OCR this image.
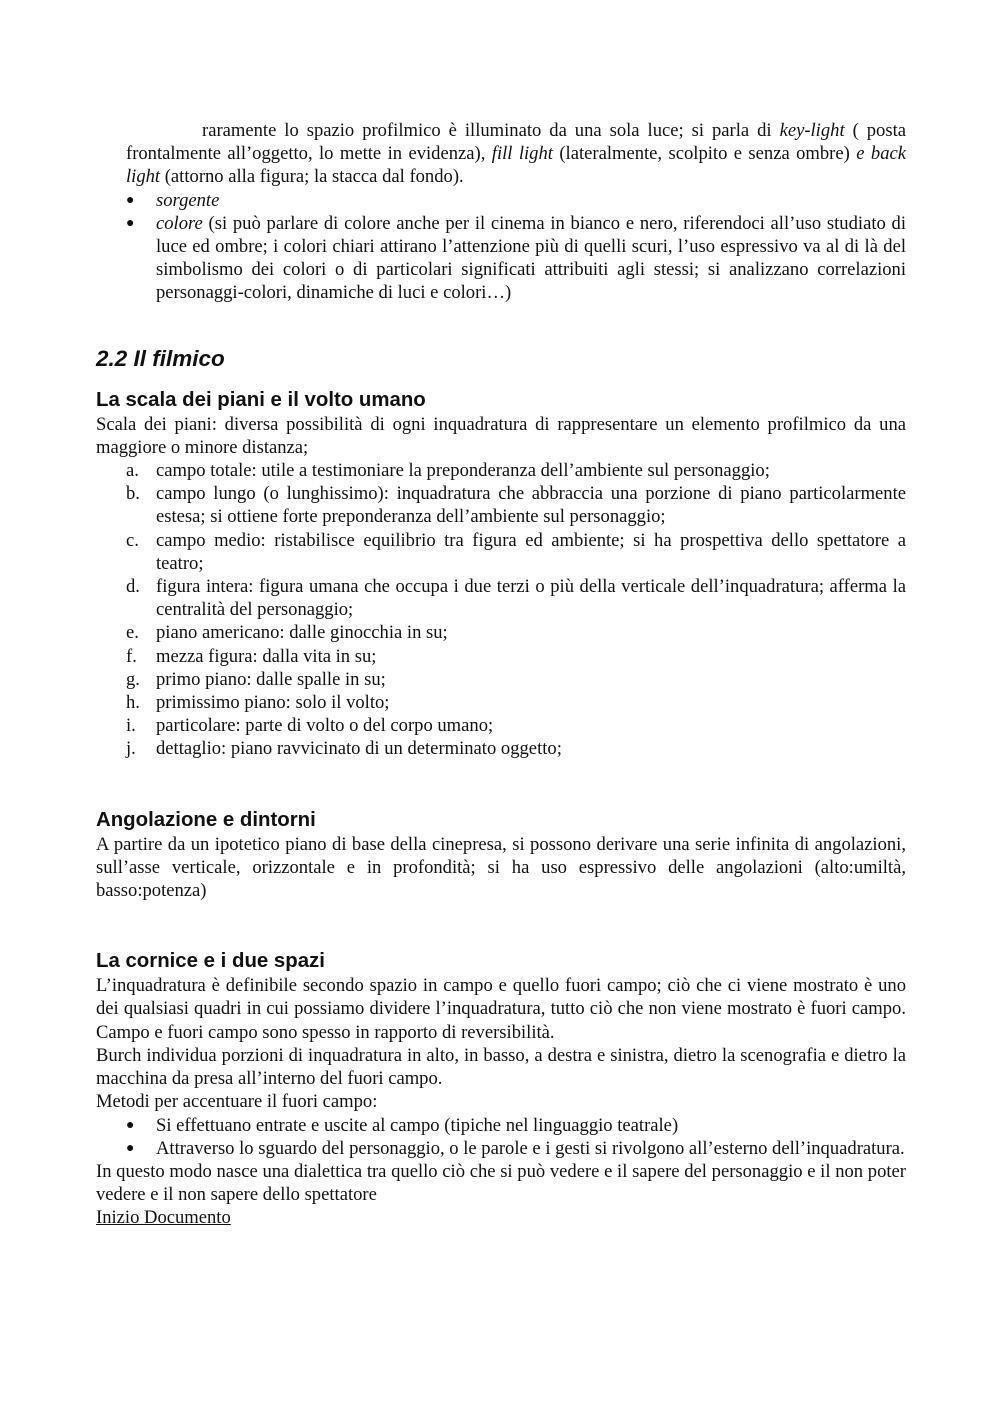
raramente lo spazio profilmico è illuminato da una sola luce; si parla di key-light ( posta frontalmente all’oggetto, lo mette in evidenza), fill light (lateralmente, scolpito e senza ombre) e back light (attorno alla figura; la stacca dal fondo).

● sorgente
● colore (si può parlare di colore anche per il cinema in bianco e nero, riferendoci all’uso studiato di luce ed ombre; i colori chiari attirano l’attenzione più di quelli scuri, l’uso espressivo va al di là del simbolismo dei colori o di particolari significati attribuiti agli stessi; si analizzano correlazioni personaggi-colori, dinamiche di luci e colori…)
2.2 Il filmico
La scala dei piani e il volto umano

Scala dei piani: diversa possibilità di ogni inquadratura di rappresentare un elemento profilmico da una maggiore o minore distanza;

a. campo totale: utile a testimoniare la preponderanza dell’ambiente sul personaggio;
b. campo lungo (o lunghissimo): inquadratura che abbraccia una porzione di piano particolarmente estesa; si ottiene forte preponderanza dell’ambiente sul personaggio;
c. campo medio: ristabilisce equilibrio tra figura ed ambiente; si ha prospettiva dello spettatore a teatro;
d. figura intera: figura umana che occupa i due terzi o più della verticale dell’inquadratura; afferma la centralità del personaggio;
e. piano americano: dalle ginocchia in su;
f. mezza figura: dalla vita in su;
g. primo piano: dalle spalle in su;
h. primissimo piano: solo il volto;
i. particolare: parte di volto o del corpo umano;
j. dettaglio: piano ravvicinato di un determinato oggetto;
Angolazione e dintorni

A partire da un ipotetico piano di base della cinepresa, si possono derivare una serie infinita di angolazioni, sull’asse verticale, orizzontale e in profondità; si ha uso espressivo delle angolazioni (alto:umiltà, basso:potenza)

La cornice e i due spazi

L’inquadratura è definibile secondo spazio in campo e quello fuori campo; ciò che ci viene mostrato è uno dei qualsiasi quadri in cui possiamo dividere l’inquadratura, tutto ciò che non viene mostrato è fuori campo. Campo e fuori campo sono spesso in rapporto di reversibilità.

Burch individua porzioni di inquadratura in alto, in basso, a destra e sinistra, dietro la scenografia e dietro la macchina da presa all’interno del fuori campo.

Metodi per accentuare il fuori campo:

● Si effettuano entrate e uscite al campo (tipiche nel linguaggio teatrale)
● Attraverso lo sguardo del personaggio, o le parole e i gesti si rivolgono all’esterno dell’inquadratura.

In questo modo nasce una dialettica tra quello ciò che si può vedere e il sapere del personaggio e il non poter vedere e il non sapere dello spettatore

Inizio Documento
